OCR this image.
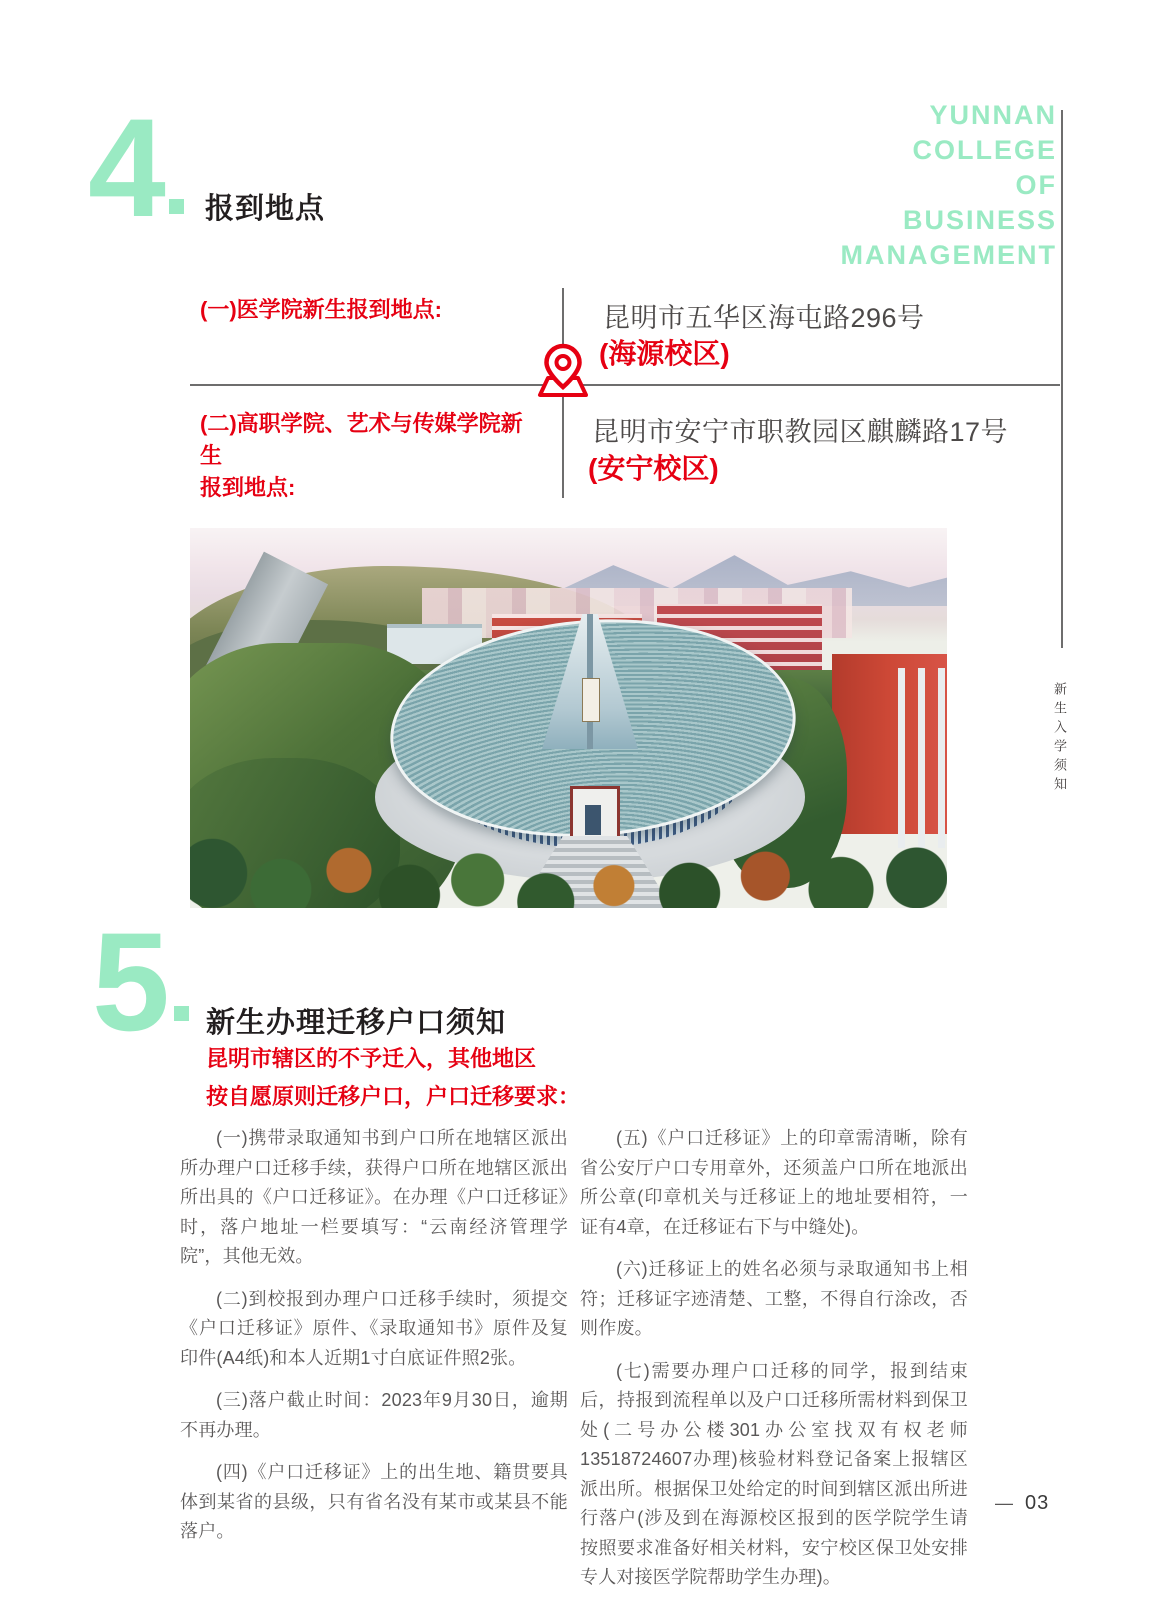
4 报到地点
YUNNAN
COLLEGE
OF
BUSINESS
MANAGEMENT
新生入学须知
(一)医学院新生报到地点:	昆明市五华区海屯路296号
(海源校区)
(二)高职学院、艺术与传媒学院新生
报到地点:
昆明市安宁市职教园区麒麟路17号
(安宁校区)
5 新生办理迁移户口须知
昆明市辖区的不予迁入，其他地区
按自愿原则迁移户口，户口迁移要求：

(一)携带录取通知书到户口所在地辖区派出所办理户口迁移手续，获得户口所在地辖区派出所出具的《户口迁移证》。在办理《户口迁移证》时，落户地址一栏要填写：“云南经济管理学院”，其他无效。

(二)到校报到办理户口迁移手续时，须提交《户口迁移证》原件、《录取通知书》原件及复印件(A4纸)和本人近期1寸白底证件照2张。

(三)落户截止时间：2023年9月30日，逾期不再办理。

(四)《户口迁移证》上的出生地、籍贯要具体到某省的县级，只有省名没有某市或某县不能落户。

(五)《户口迁移证》上的印章需清晰，除有省公安厅户口专用章外，还须盖户口所在地派出所公章(印章机关与迁移证上的地址要相符，一证有4章，在迁移证右下与中缝处)。

(六)迁移证上的姓名必须与录取通知书上相符；迁移证字迹清楚、工整，不得自行涂改，否则作废。

(七)需要办理户口迁移的同学，报到结束后，持报到流程单以及户口迁移所需材料到保卫处(二号办公楼301办公室找双有权老师13518724607办理)核验材料登记备案上报辖区派出所。根据保卫处给定的时间到辖区派出所进行落户(涉及到在海源校区报到的医学院学生请按照要求准备好相关材料，安宁校区保卫处安排专人对接医学院帮助学生办理)。

— 03
